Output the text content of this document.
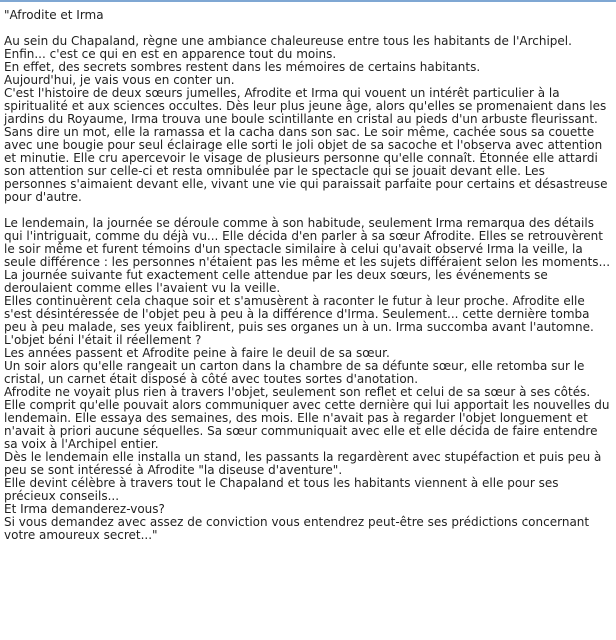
"Afrodite et Irma

Au sein du Chapaland, règne une ambiance chaleureuse entre tous les habitants de l'Archipel.

Enfin... c'est ce qui en est en apparence tout du moins.

En effet, des secrets sombres restent dans les mémoires de certains habitants.

Aujourd'hui, je vais vous en conter un.

C'est l'histoire de deux sœurs jumelles, Afrodite et Irma qui vouent un intérêt particulier à la spiritualité et aux sciences occultes. Dès leur plus jeune âge, alors qu'elles se promenaient dans les jardins du Royaume, Irma trouva une boule scintillante en cristal au pieds d'un arbuste fleurissant. Sans dire un mot, elle la ramassa et la cacha dans son sac. Le soir même, cachée sous sa couette avec une bougie pour seul éclairage elle sorti le joli objet de sa sacoche et l'observa avec attention et minutie. Elle cru apercevoir le visage de plusieurs personne qu'elle connaît. Étonnée elle attardi son attention sur celle-ci et resta omnibulée par le spectacle qui se jouait devant elle. Les personnes s'aimaient devant elle, vivant une vie qui paraissait parfaite pour certains et désastreuse pour d'autre.

Le lendemain, la journée se déroule comme à son habitude, seulement Irma remarqua des détails qui l'intriguait, comme du déjà vu... Elle décida d'en parler à sa sœur Afrodite. Elles se retrouvèrent le soir même et furent témoins d'un spectacle similaire à celui qu'avait observé Irma la veille, la seule différence : les personnes n'étaient pas les même et les sujets différaient selon les moments...

La journée suivante fut exactement celle attendue par les deux sœurs, les événements se deroulaient comme elles l'avaient vu la veille.

Elles continuèrent cela chaque soir et s'amusèrent à raconter le futur à leur proche. Afrodite elle s'est désintéressée de l'objet peu à peu à la différence d'Irma. Seulement... cette dernière tomba peu à peu malade, ses yeux faiblirent, puis ses organes un à un. Irma succomba avant l'automne.

L'objet béni l'était il réellement ?

Les années passent et Afrodite peine à faire le deuil de sa sœur.

Un soir alors qu'elle rangeait un carton dans la chambre de sa défunte sœur, elle retomba sur le cristal, un carnet était disposé à côté avec toutes sortes d'anotation.

Afrodite ne voyait plus rien à travers l'objet, seulement son reflet et celui de sa sœur à ses côtés. Elle comprit qu'elle pouvait alors communiquer avec cette dernière qui lui apportait les nouvelles du lendemain. Elle essaya des semaines, des mois. Elle n'avait pas à regarder l'objet longuement et n'avait à priori aucune séquelles. Sa sœur communiquait avec elle et elle décida de faire entendre sa voix à l'Archipel entier.

Dès le lendemain elle installa un stand, les passants la regardèrent avec stupéfaction et puis peu à peu se sont intéressé à Afrodite "la diseuse d'aventure".

Elle devint célèbre à travers tout le Chapaland et tous les habitants viennent à elle pour ses précieux conseils...

Et Irma demanderez-vous?

Si vous demandez avec assez de conviction vous entendrez peut-être ses prédictions concernant votre amoureux secret..."
